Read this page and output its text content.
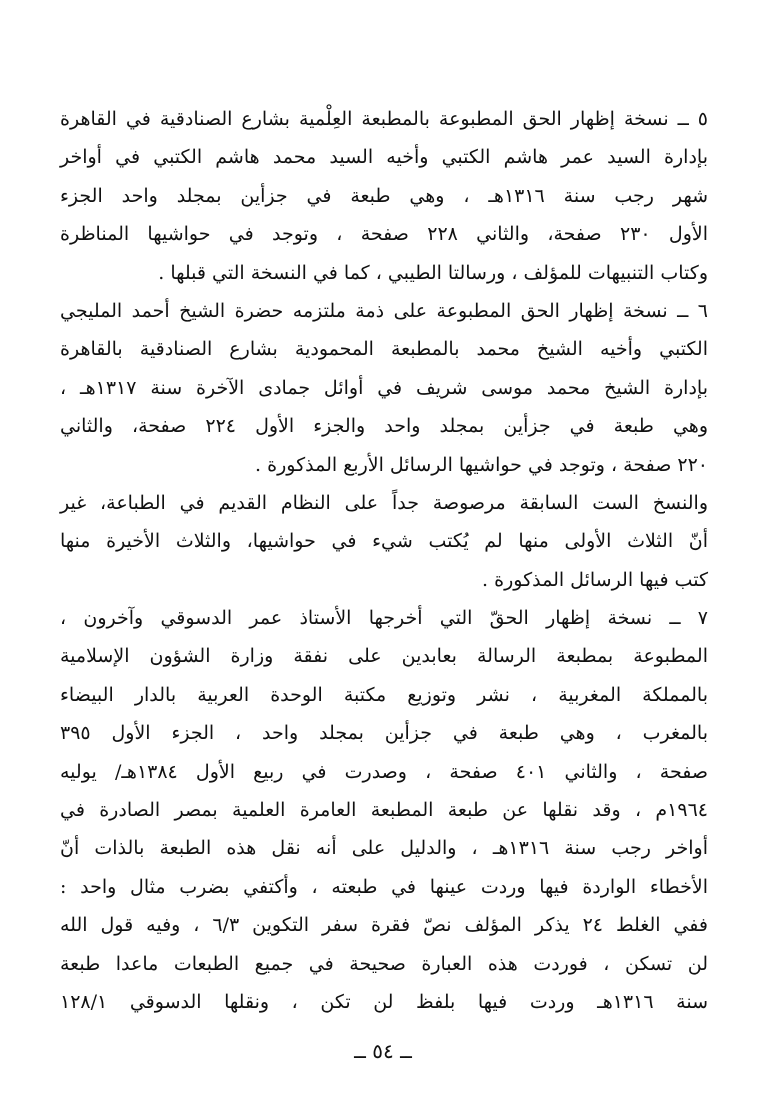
٥ ــ نسخة إظهار الحق المطبوعة بالمطبعة العِلْمية بشارع الصنادقية في القاهرة
بإدارة السيد عمر هاشم الكتبي وأخيه السيد محمد هاشم الكتبي في أواخر
شهر رجب سنة ١٣١٦هـ ، وهي طبعة في جزأين بمجلد واحد الجزء
الأول ٢٣٠ صفحة، والثاني ٢٢٨ صفحة ، وتوجد في حواشيها المناظرة
وكتاب التنبيهات للمؤلف ، ورسالتا الطيبي ، كما في النسخة التي قبلها .
٦ ــ نسخة إظهار الحق المطبوعة على ذمة ملتزمه حضرة الشيخ أحمد المليجي
الكتبي وأخيه الشيخ محمد بالمطبعة المحمودية بشارع الصنادقية بالقاهرة
بإدارة الشيخ محمد موسى شريف في أوائل جمادى الآخرة سنة ١٣١٧هـ ،
وهي طبعة في جزأين بمجلد واحد والجزء الأول ٢٢٤ صفحة، والثاني
٢٢٠ صفحة ، وتوجد في حواشيها الرسائل الأربع المذكورة .
والنسخ الست السابقة مرصوصة جداً على النظام القديم في الطباعة، غير
أنّ الثلاث الأولى منها لم يُكتب شيء في حواشيها، والثلاث الأخيرة منها
كتب فيها الرسائل المذكورة .
٧ ــ نسخة إظهار الحقّ التي أخرجها الأستاذ عمر الدسوقي وآخرون ،
المطبوعة بمطبعة الرسالة بعابدين على نفقة وزارة الشؤون الإسلامية
بالمملكة المغربية ، نشر وتوزيع مكتبة الوحدة العربية بالدار البيضاء
بالمغرب ، وهي طبعة في جزأين بمجلد واحد ، الجزء الأول ٣٩٥
صفحة ، والثاني ٤٠١ صفحة ، وصدرت في ربيع الأول ١٣٨٤هـ/ يوليه
١٩٦٤م ، وقد نقلها عن طبعة المطبعة العامرة العلمية بمصر الصادرة في
أواخر رجب سنة ١٣١٦هـ ، والدليل على أنه نقل هذه الطبعة بالذات أنّ
الأخطاء الواردة فيها وردت عينها في طبعته ، وأكتفي بضرب مثال واحد :
ففي الغلط ٢٤ يذكر المؤلف نصّ فقرة سفر التكوين ٦/٣ ، وفيه قول الله
لن تسكن ، فوردت هذه العبارة صحيحة في جميع الطبعات ماعدا طبعة
سنة ١٣١٦هـ وردت فيها بلفظ لن تكن ، ونقلها الدسوقي ١٢٨/١
ــ ٥٤ ــ
